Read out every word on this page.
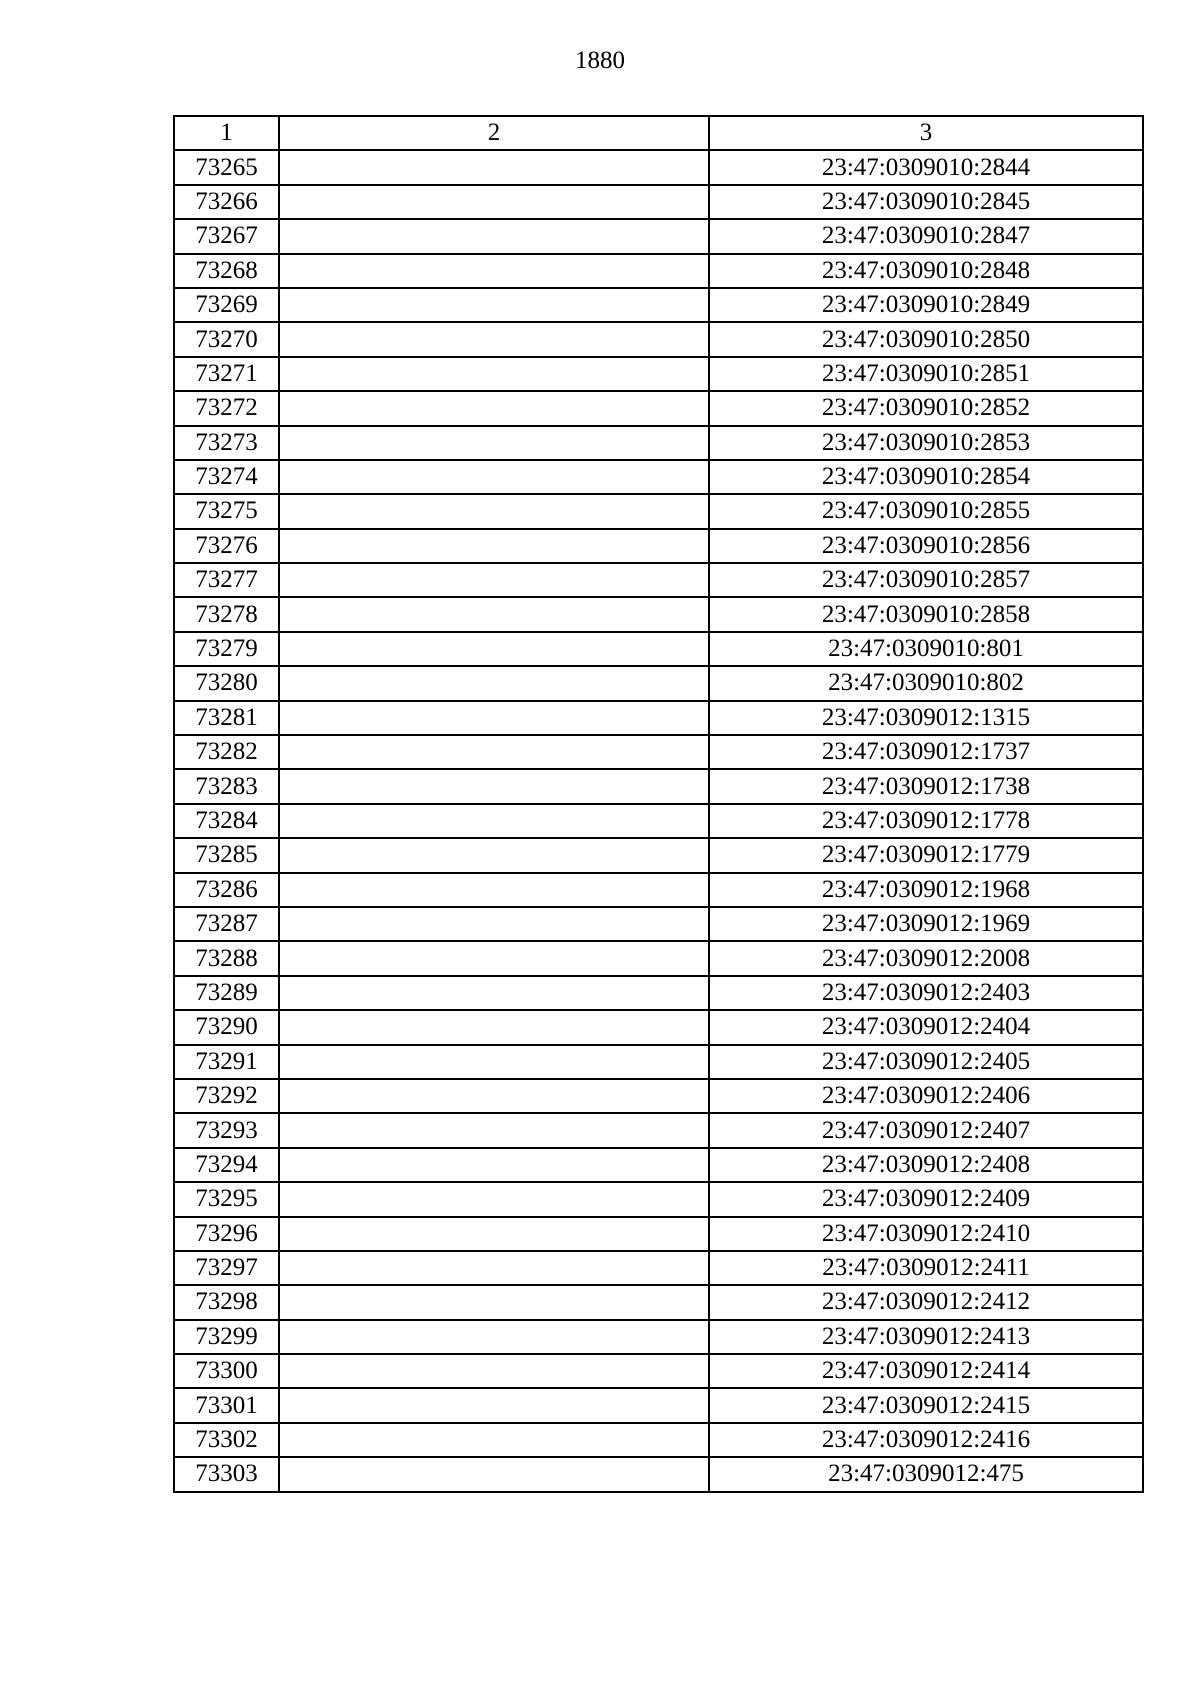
1880
1	2	3
73265		23:47:0309010:2844
73266		23:47:0309010:2845
73267		23:47:0309010:2847
73268		23:47:0309010:2848
73269		23:47:0309010:2849
73270		23:47:0309010:2850
73271		23:47:0309010:2851
73272		23:47:0309010:2852
73273		23:47:0309010:2853
73274		23:47:0309010:2854
73275		23:47:0309010:2855
73276		23:47:0309010:2856
73277		23:47:0309010:2857
73278		23:47:0309010:2858
73279		23:47:0309010:801
73280		23:47:0309010:802
73281		23:47:0309012:1315
73282		23:47:0309012:1737
73283		23:47:0309012:1738
73284		23:47:0309012:1778
73285		23:47:0309012:1779
73286		23:47:0309012:1968
73287		23:47:0309012:1969
73288		23:47:0309012:2008
73289		23:47:0309012:2403
73290		23:47:0309012:2404
73291		23:47:0309012:2405
73292		23:47:0309012:2406
73293		23:47:0309012:2407
73294		23:47:0309012:2408
73295		23:47:0309012:2409
73296		23:47:0309012:2410
73297		23:47:0309012:2411
73298		23:47:0309012:2412
73299		23:47:0309012:2413
73300		23:47:0309012:2414
73301		23:47:0309012:2415
73302		23:47:0309012:2416
73303		23:47:0309012:475
